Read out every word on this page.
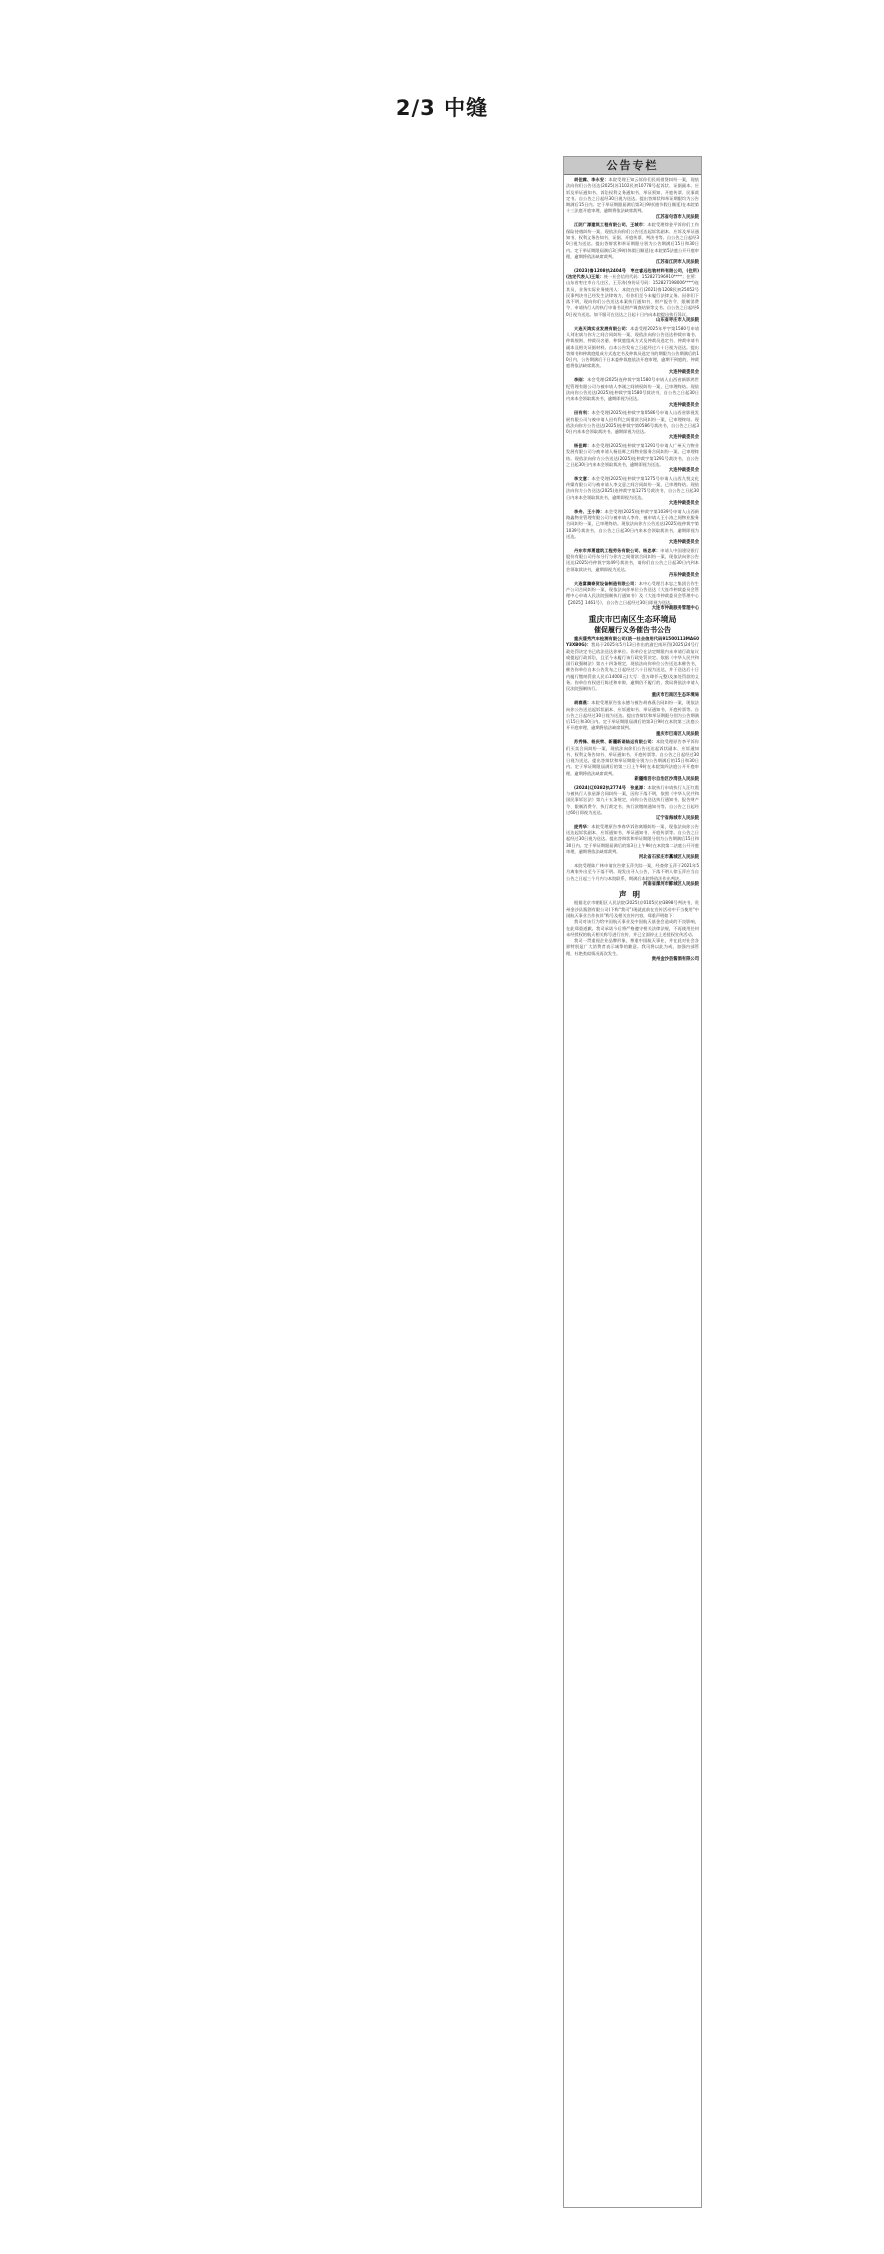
2/3 中缝
公告专栏

胡佳霖、李永安：本院受理王知云诉你们民间借贷纠纷一案，现依法向你们公告送达(2025)苏1102民初10778号起诉状、证据副本、应诉及举证通知书、诉讼权利义务通知书、举证须知、开庭传票、民事裁定书。自公告之日起经30日视为送达。提出答辩状和举证期限均为公告期满后15日内。定于举证期限届满后第3日9时(遇节假日顺延)在本院第十三法庭开庭审理，逾期将依法缺席裁判。

江苏省句容市人民法院

江阴广源建筑工程有限公司、王城市：本院受理徐金平诉你们工伤保险待遇纠纷一案，现依法向你们公告送达起诉状副本、应诉及举证通知书、权利义务告知书、证据、开庭传票、判决书等。自公告之日起经30日视为送达。提出答辩状和举证期限分别为公告期满后15日和30日内。定于举证期限届满后3日9时(休假日顺延)在本院第5法庭公开开庭审理，逾期将依法缺席裁判。

江苏省江阴市人民法院

(2023)鲁1208执2404号　枣庄睿远包装材料有限公司，(住所)(法定代表人)王某：统一社会信用代码：152827196910****；住所：山东省枣庄市台儿庄区，王芬涛(身份证号码：152827198006****)连其员，业务实际业务使用人：本院在执行(2021)鲁1208民初25052号民事判决书已经发生法律效力，但你们至今未履行法律义务。因你们下落不明，现向你们公告送达本案执行通知书、财产报告令、限制消费令、申请执行人的执行申请书及财产调查结果等文书。自公告之日起经60日视为送达。如不服可在送达之日起十日内向本院提出执行异议。

山东省枣庄市人民法院

大连天鸿实业发展有限公司：本委受理2025年甲字第1580号申请人刘宏斌与你方之间合同纠纷一案，现依法向你公告送达仲裁申请书、仲裁规则、仲裁员名册、仲裁庭组成方式及仲裁员选定书、仲裁申请书副本及相关证据材料。自本公告发布之日起经过六十日视为送达。提出答辩书和仲裁庭组成方式选定书及仲裁员选定书的期限为公告期满后的10日内，公告期满后于日本委仲裁庭依法开庭审理，逾期不到庭的，仲裁庭将依法缺席裁决。

大连仲裁委员会

李刚：本会受理(2025)连仲裁字第1580号申请人山西省新影鸿世纪管理有限公司与被申请人李刚之间债权纠纷一案，已审理终结。现依法向你公告送达(2025)连仲裁字第1580号裁决书，自公告之日起30日内来本会领取裁决书，逾期即视为送达。

大连仲裁委员会

田有利：本会受理(2025)连仲裁字第0586号申请人山西省影视发展有限公司与被申请人田有利之间借款合同纠纷一案，已审理终结。现依法向你方公告送达(2025)连仲裁字第0586号裁决书，自公告之日起30日内来本会领取裁决书，逾期即视为送达。

大连仲裁委员会

杨佳晖：本会受理(2025)连仲裁字第1291号申请人广州天力物业发展有限公司与被申请人杨佳晖之间物业服务合同纠纷一案，已审理终结。现依法向你方公告送达(2025)连仲裁字第1291号裁决书，自公告之日起30日内来本会领取裁决书，逾期即视为送达。

大连仲裁委员会

李文意：本会受理(2025)连仲裁字第1275号申请人山西九悦文化传媒有限公司与被申请人李文意之间合同纠纷一案，已审理终结。现依法向你方公告送达(2025)连仲裁字第1275号裁决书，自公告之日起30日内来本会领取裁决书，逾期即视为送达。

大连仲裁委员会

李舟、王小涛：本会受理(2025)连仲裁字第1039号申请人山西新路鑫物业管理有限公司与被申请人李舟、被申请人王小涛之间物业服务合同纠纷一案，已审理终结。现依法向你方公告送达(2025)连仲裁字第1039号裁决书，自公告之日起30日内来本会领取裁决书，逾期即视为送达。

大连仲裁委员会

丹东市邦勇建筑工程劳务有限公司、杨忠孝：申请人中国建设银行股份有限公司丹东分行与你方之间借款合同纠纷一案，现依法向你公告送达(2025)丹仲裁字第49号裁决书，请你们自公告之日起30日内到本会领取裁决书，逾期即视为送达。

丹东仲裁委员会

大连富腾泰贸设备制造有限公司：本中心受理吕本忠之集团合作生产公司合同纠纷一案，现依法向你单位公告送达《大连市仲裁委员会管理中心申请人民法院强制执行通知书》及《大连市仲裁委员会管理中心【2025】1461号》，自公告之日起经过30日即视为送达。

大连市仲裁服务管理中心

重庆市巴南区生态环境局
催促履行义务催告书公告

重庆璟秀汽车检测有限公司(统一社会信用代码91500113MA60Y3XB0G)：我局于2025年5月13日作出的渝巴南环罚(2025)24号行政处罚决定书已依法送达你单位。你单位在法定期限内未申请行政复议或提起行政诉讼，且至今未履行该行政处罚决定。依据《中华人民共和国行政强制法》第五十四条规定，现依法向你单位公告送达本催告书，催告你单位自本公告发布之日起经过六十日视为送达，并于送达后十日内履行缴纳罚款人民币14000元(大写：壹万肆仟元整)及加处罚款的义务。你单位有权进行陈述和申辩，逾期仍不履行的，我局将依法申请人民法院强制执行。

重庆市巴南区生态环境局

胡春燕：本院受理原告张永德与被告胡春燕合同纠纷一案，现依法向你公告送达起诉状副本、应诉通知书、举证通知书、开庭传票等。自公告之日起经过30日视为送达。提出答辩状和举证期限分别为公告期满后15日和30日内。定于举证期限届满后的第3日9时在本院第三法庭公开开庭审理，逾期将依法缺席裁判。

重庆市巴南区人民法院

苏秀锋、杨庆荣、新疆新诺陆运有限公司：本院受理原告李平诉你们买卖合同纠纷一案，现依法向你们公告送达起诉状副本、应诉通知书、权利义务告知书、举证通知书、开庭传票等。自公告之日起经过30日视为送达，提出答辩状和举证期限分别为公告期满后的15日和30日内。定于举证期限届满后的第三日上午9时在本院第四法庭公开开庭审理，逾期将依法缺席裁判。

新疆维吾尔自治区沙湾县人民法院

(2024)辽0382执2774号　张星源：本院执行申请执行人汪红霞与被执行人张星源合同纠纷一案，因你下落不明，依照《中华人民共和国民事诉讼法》第九十五条规定，向你公告送达执行通知书、报告财产令、限制消费令、执行裁定书、执行款缴纳通知书等。自公告之日起经过60日即视为送达。

辽宁省海城市人民法院

庞秀华：本院受理原告李春华诉你离婚纠纷一案，现依法向你公告送达起诉状副本、应诉通知书、举证通知书、开庭传票等。自公告之日起经过30日视为送达。提出答辩状和举证期限分别为公告期满后15日和30日内。定于举证期限届满后的第3日上午9时在本院第二法庭公开开庭审理，逾期将依法缺席裁判。

河北省石家庄市藁城区人民法院

本院受理陈广林申请宣告徐玉萍失踪一案，经查徐玉萍于2021年5月离家外出至今下落不明。现发出寻人公告，下落不明人徐玉萍应当自公告之日起三个月内与本院联系，期满后本院将依法作出判决。

河南省漯河市郾城区人民法院

声明

根据北京市朝阳区人民法院(2025)京0105民初3898号判决书，贵州金沙县酱酒有限公司(下称"我司")现就此前在宣传活动中不当使用"中国航天事业合作伙伴"称号及相关宣传内容，郑重声明如下：

我司对该行为给中国航天事业及中国航天基金会造成的不良影响，在此郑重道歉。我司承诺今后将严格遵守相关法律法规，不再使用任何未经授权的航天相关称号进行宣传，并已全面停止上述侵权宣传活动。

我司一贯重视企业品牌形象，尊重中国航天事业，并在此对社会各界特别是广大消费者表示诚挚的歉意。我司将以此为戒，加强内部管理，杜绝类似情况再次发生。

贵州金沙县酱酒有限公司
